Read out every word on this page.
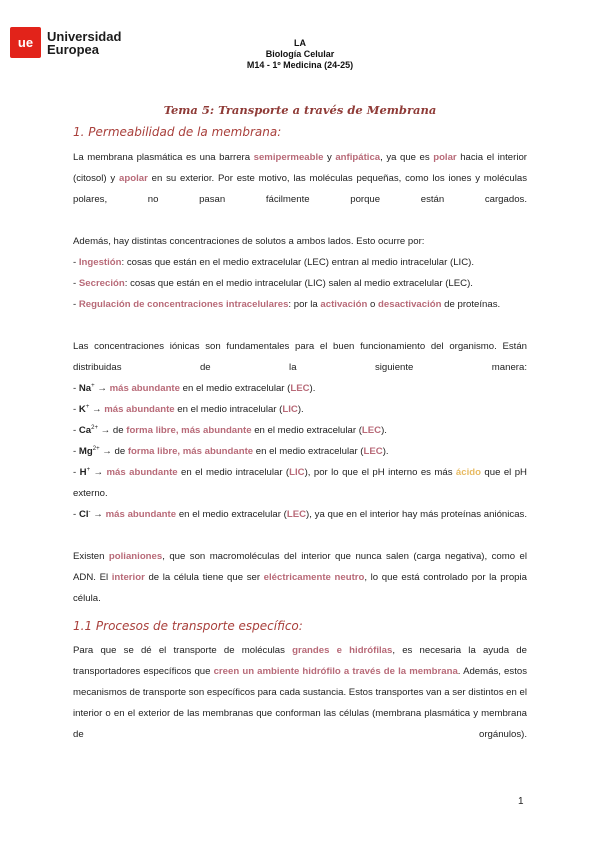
ue	Universidad
Europea	LA
Biología Celular
M14 - 1º Medicina (24-25)
Tema 5: Transporte a través de Membrana
1. Permeabilidad de la membrana:

La membrana plasmática es una barrera semipermeable y anfipática, ya que es polar hacia el interior (citosol) y apolar en su exterior. Por este motivo, las moléculas pequeñas, como los iones y moléculas polares, no pasan fácilmente porque están cargados.

Además, hay distintas concentraciones de solutos a ambos lados. Esto ocurre por:

- Ingestión: cosas que están en el medio extracelular (LEC) entran al medio intracelular (LIC).

- Secreción: cosas que están en el medio intracelular (LIC) salen al medio extracelular (LEC).

- Regulación de concentraciones intracelulares: por la activación o desactivación de proteínas.

Las concentraciones iónicas son fundamentales para el buen funcionamiento del organismo. Están distribuidas de la siguiente manera:

- Na+ → más abundante en el medio extracelular (LEC).

- K+ → más abundante en el medio intracelular (LIC).

- $Ca^{2+}$ → de forma libre, más abundante en el medio extracelular (LEC).

- $Mg^{2+}$ → de forma libre, más abundante en el medio extracelular (LEC).

- H+ → más abundante en el medio intracelular (LIC), por lo que el pH interno es más ácido que el pH externo.

- Cl- → más abundante en el medio extracelular (LEC), ya que en el interior hay más proteínas aniónicas.

Existen polianiones, que son macromoléculas del interior que nunca salen (carga negativa), como el ADN. El interior de la célula tiene que ser eléctricamente neutro, lo que está controlado por la propia célula.

1.1 Procesos de transporte específico:

Para que se dé el transporte de moléculas grandes e hidrófilas, es necesaria la ayuda de transportadores específicos que creen un ambiente hidrófilo a través de la membrana. Además, estos mecanismos de transporte son específicos para cada sustancia. Estos transportes van a ser distintos en el interior o en el exterior de las membranas que conforman las células (membrana plasmática y membrana de orgánulos).

1
